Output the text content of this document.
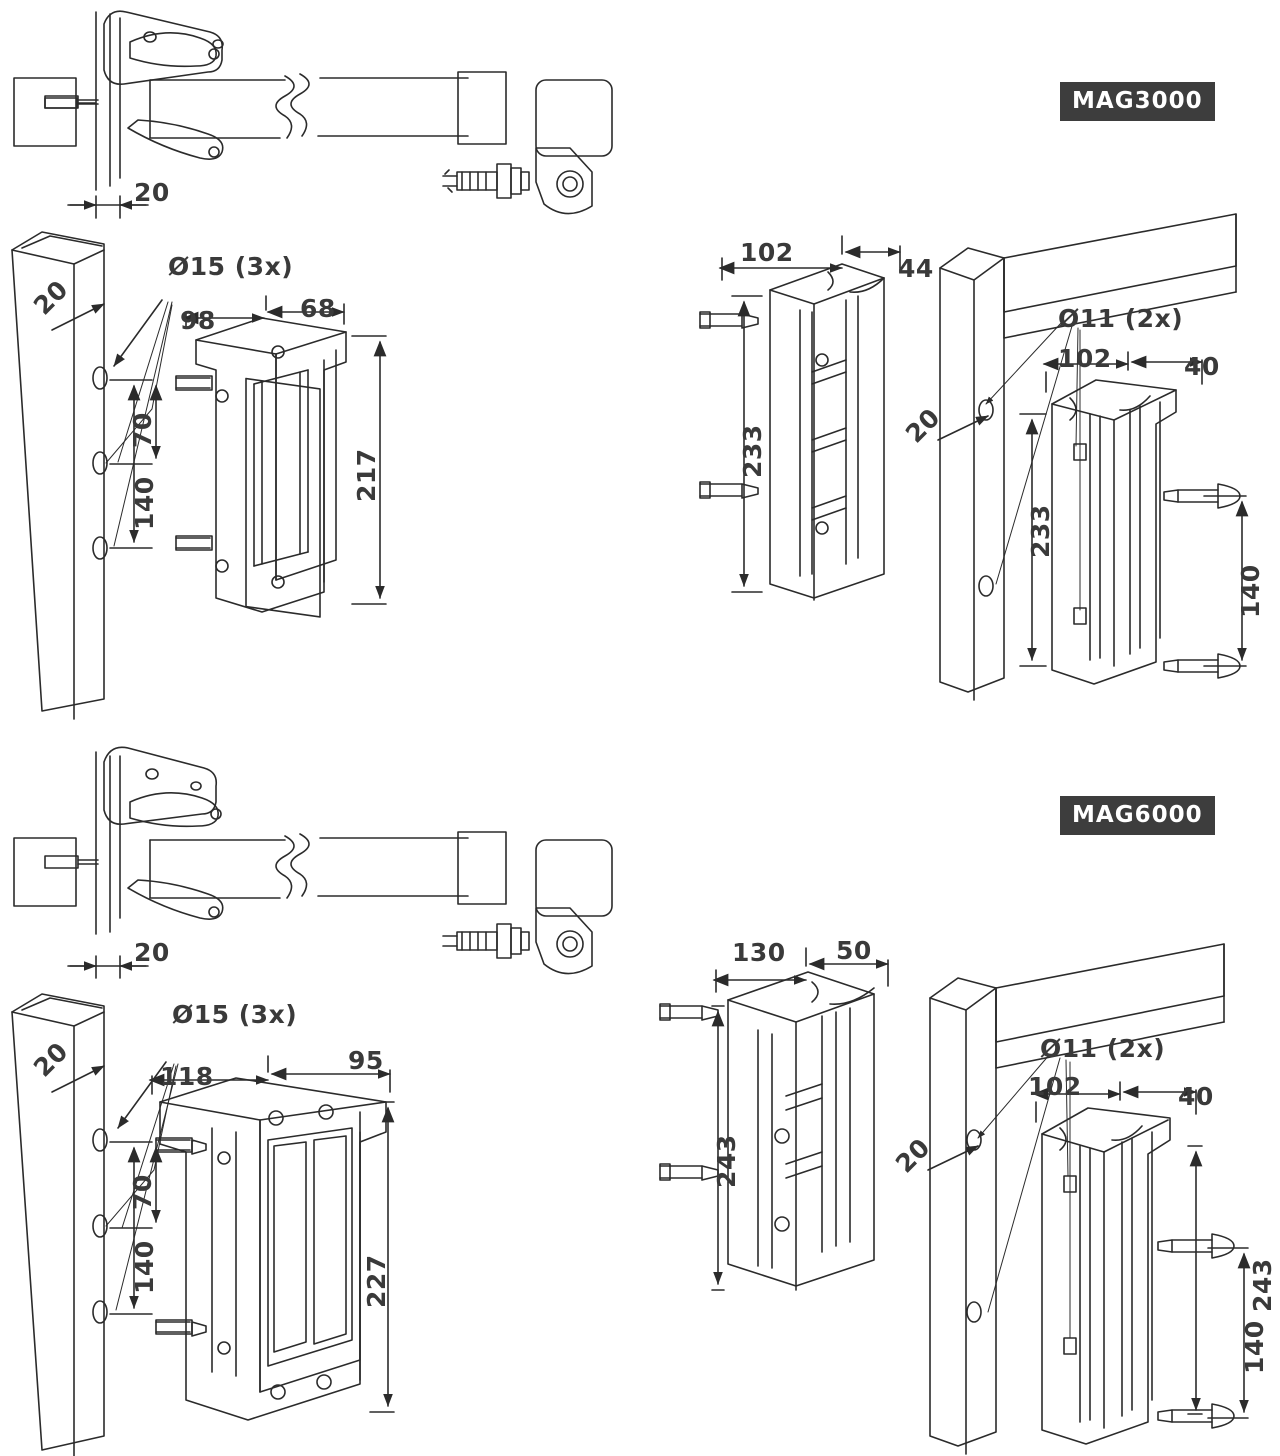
MAG3000
20
20
Ø15 (3x)
98	68
70
140
217
102
44
233	20
Ø11 (2x)
102	40
233
140
MAG6000
20
20
Ø15 (3x)
118
95
70
140	227
130 50
243	20
Ø11 (2x)
102	40
243
140
